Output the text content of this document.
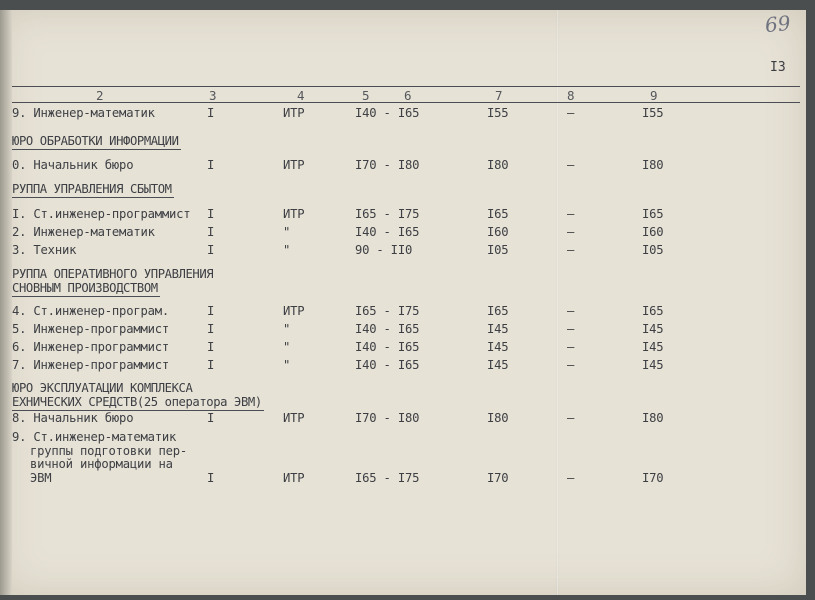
69
I3
2	3	4	5	6	7	8	9
9. Инженер-математик	I	ИТР	I40 - I65	I55	–	I55
ЮРО ОБРАБОТКИ ИНФОРМАЦИИ
0. Начальник бюро	I	ИТР	I70 - I80	I80	–	I80
РУППА УПРАВЛЕНИЯ СБЫТОМ
I. Ст.инженер-программист I	ИТР	I65 - I75	I65	–	I65
2. Инженер-математик	I	"	I40 - I65	I60	–	I60
3. Техник	I	"	90 - II0	I05	–	I05
РУППА ОПЕРАТИВНОГО УПРАВЛЕНИЯ
СНОВНЫМ ПРОИЗВОДСТВОМ
4. Ст.инженер-програм.	I	ИТР	I65 - I75	I65	–	I65
5. Инженер-программист	I	"	I40 - I65	I45	–	I45
6. Инженер-программист	I	"	I40 - I65	I45	–	I45
7. Инженер-программист	I	"	I40 - I65	I45	–	I45
ЮРО ЭКСПЛУАТАЦИИ КОМПЛЕКСА
ЕХНИЧЕСКИХ СРЕДСТВ(25 оператора ЭВМ)
8. Начальник бюро	I	ИТР	I70 - I80	I80	–	I80
9. Ст.инженер-математик
группы подготовки пер-
вичной информации на
ЭВМ	I	ИТР	I65 - I75	I70	–	I70
